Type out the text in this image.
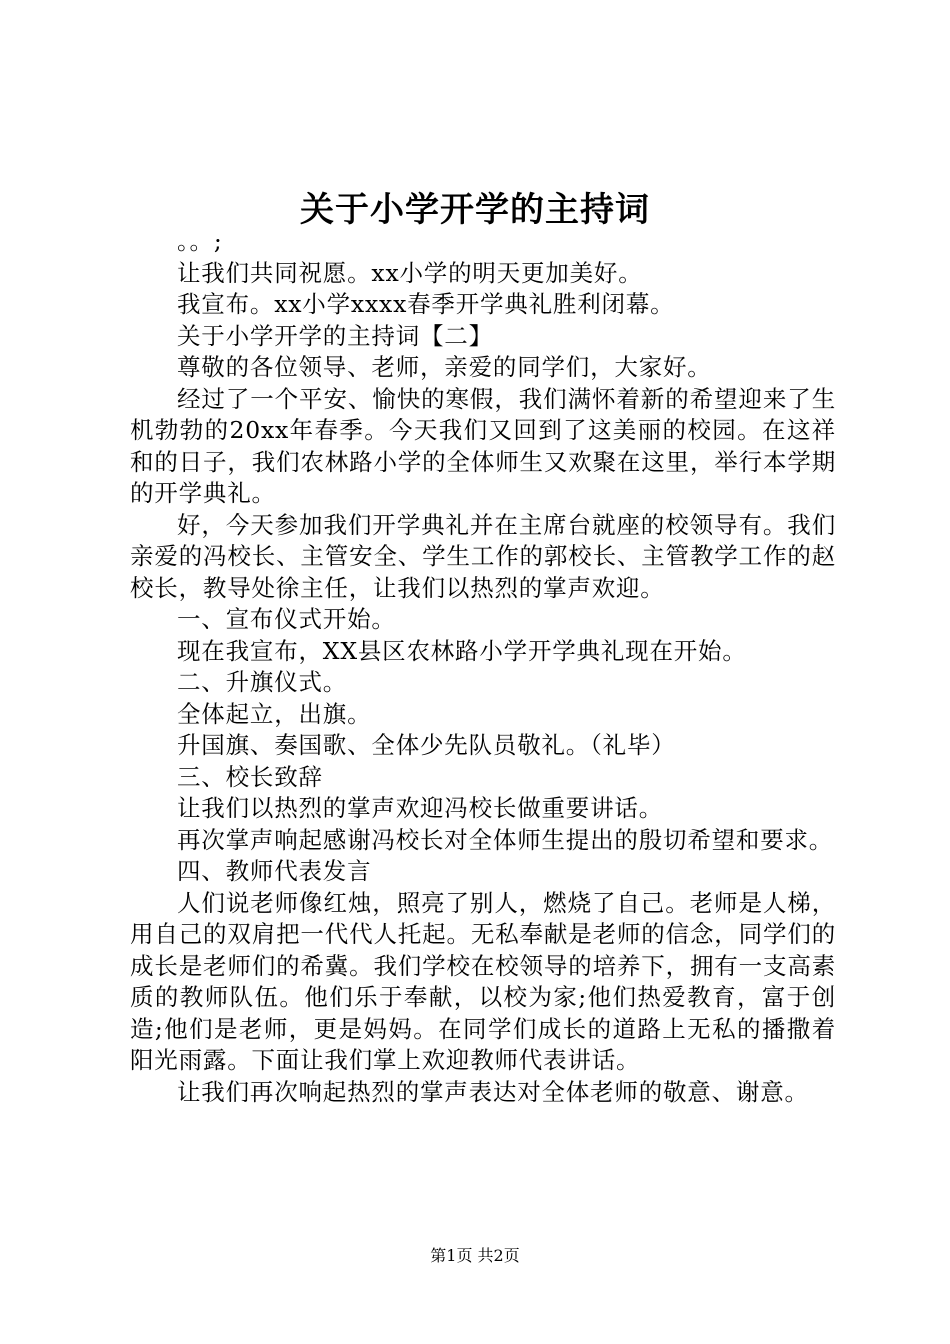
关于小学开学的主持词

。。;

让我们共同祝愿。xx小学的明天更加美好。

我宣布。xx小学xxxx春季开学典礼胜利闭幕。

关于小学开学的主持词【二】

尊敬的各位领导、老师，亲爱的同学们，大家好。

经过了一个平安、愉快的寒假，我们满怀着新的希望迎来了生机勃勃的20xx年春季。今天我们又回到了这美丽的校园。在这祥和的日子，我们农林路小学的全体师生又欢聚在这里，举行本学期的开学典礼。

好，今天参加我们开学典礼并在主席台就座的校领导有。我们亲爱的冯校长、主管安全、学生工作的郭校长、主管教学工作的赵校长，教导处徐主任，让我们以热烈的掌声欢迎。

一、宣布仪式开始。

现在我宣布，XX县区农林路小学开学典礼现在开始。

二、升旗仪式。

全体起立，出旗。

升国旗、奏国歌、全体少先队员敬礼。（礼毕）

三、校长致辞

让我们以热烈的掌声欢迎冯校长做重要讲话。

再次掌声响起感谢冯校长对全体师生提出的殷切希望和要求。

四、教师代表发言

人们说老师像红烛，照亮了别人，燃烧了自己。老师是人梯，用自己的双肩把一代代人托起。无私奉献是老师的信念，同学们的成长是老师们的希冀。我们学校在校领导的培养下，拥有一支高素质的教师队伍。他们乐于奉献，以校为家;他们热爱教育，富于创造;他们是老师，更是妈妈。在同学们成长的道路上无私的播撒着阳光雨露。下面让我们掌上欢迎教师代表讲话。

让我们再次响起热烈的掌声表达对全体老师的敬意、谢意。

第1页 共2页
